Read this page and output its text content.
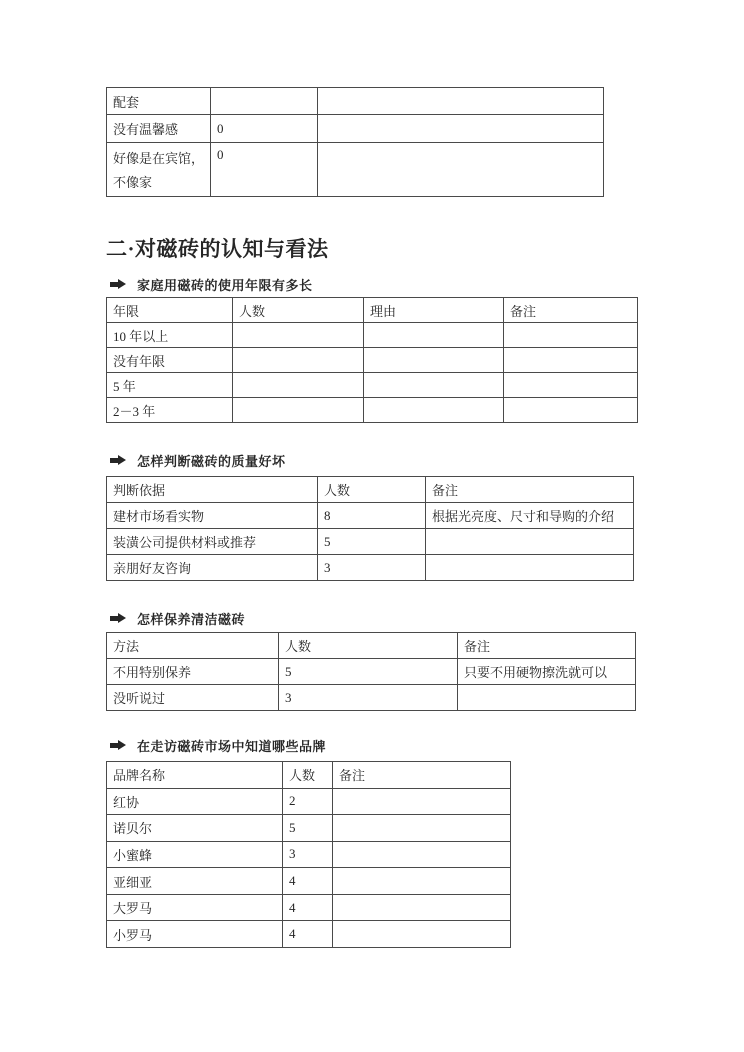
配套		
没有温馨感	0	

好像是在宾馆，
不像家	0	
二·对磁砖的认知与看法
家庭用磁砖的使用年限有多长
年限	人数	理由	备注
10 年以上			
没有年限			
5 年			
2－3 年			
怎样判断磁砖的质量好坏
判断依据	人数	备注
建材市场看实物	8	根据光亮度、尺寸和导购的介绍
装潢公司提供材料或推荐	5	
亲朋好友咨询	3	
怎样保养清洁磁砖
方法	人数	备注
不用特别保养	5	只要不用硬物擦洗就可以
没听说过	3	
在走访磁砖市场中知道哪些品牌
品牌名称	人数	备注
红协	2	
诺贝尔	5	
小蜜蜂	3	
亚细亚	4	
大罗马	4	
小罗马	4	
